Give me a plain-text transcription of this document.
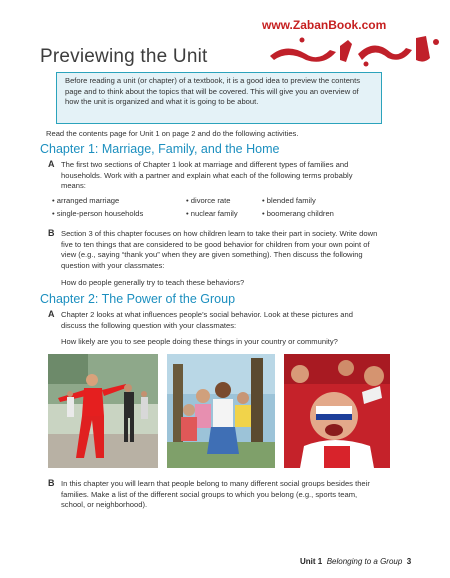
www.ZabanBook.com
Previewing the Unit
Before reading a unit (or chapter) of a textbook, it is a good idea to preview the contents page and to think about the topics that will be covered. This will give you an overview of how the unit is organized and what it is going to be about.
Read the contents page for Unit 1 on page 2 and do the following activities.
Chapter 1: Marriage, Family, and the Home
A The first two sections of Chapter 1 look at marriage and different types of families and households. Work with a partner and explain what each of the following terms probably means:
• arranged marriage	• divorce rate	• blended family
• single-person households	• nuclear family	• boomerang children
B Section 3 of this chapter focuses on how children learn to take their part in society. Write down five to ten things that are considered to be good behavior for children from your own point of view (e.g., saying “thank you” when they are given something). Then discuss the following question with your classmates:
How do people generally try to teach these behaviors?
Chapter 2: The Power of the Group
A Chapter 2 looks at what influences people’s social behavior. Look at these pictures and discuss the following question with your classmates:
How likely are you to see people doing these things in your country or community?
B In this chapter you will learn that people belong to many different social groups besides their families. Make a list of the different social groups to which you belong (e.g., sports team, school, or neighborhood).
Unit 1 Belonging to a Group 3
